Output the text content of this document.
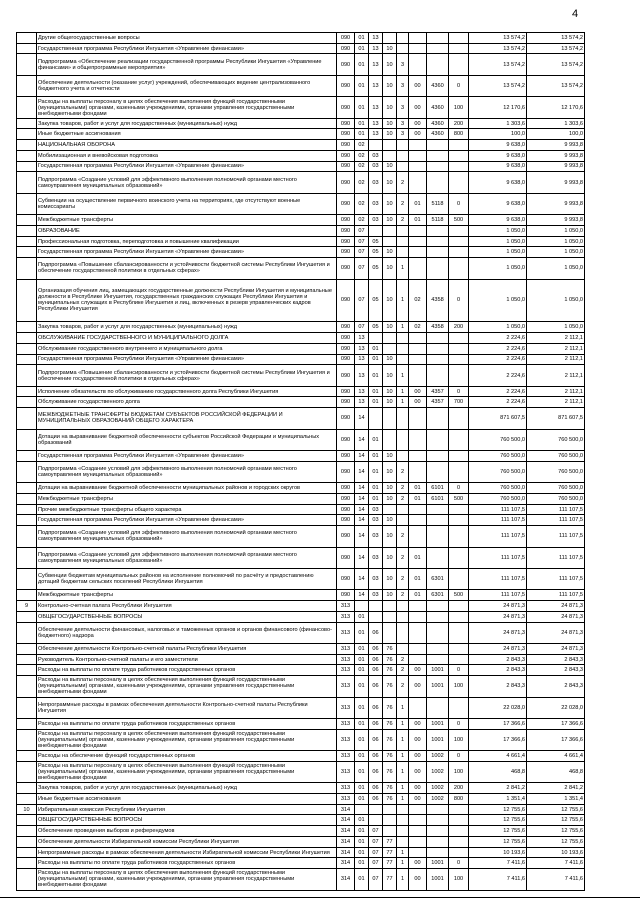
4
	Другие общегосударственные вопросы	090	01	13						13 574,2	13 574,2
	Государственная программа Республики Ингушетия «Управление финансами»	090	01	13	10					13 574,2	13 574,2
	Подпрограмма «Обеспечение реализации государственной программы Республики Ингушетия «Управление финансами» и общепрограммные мероприятия»	090	01	13	10	3				13 574,2	13 574,2
	Обеспечение деятельности (оказание услуг) учреждений, обеспечивающих ведение централизованного бюджетного учета и отчетности	090	01	13	10	3	00	4360	0	13 574,2	13 574,2
	Расходы на выплаты персоналу в целях обеспечения выполнения функций государственными (муниципальными) органами, казенными учреждениями, органами управления государственными внебюджетными фондами	090	01	13	10	3	00	4360	100	12 170,6	12 170,6
	Закупка товаров, работ и услуг для государственных (муниципальных) нужд	090	01	13	10	3	00	4360	200	1 303,6	1 303,6
	Иные бюджетные ассигнования	090	01	13	10	3	00	4360	800	100,0	100,0
	НАЦИОНАЛЬНАЯ ОБОРОНА	090	02							9 638,0	9 993,8
	Мобилизационная и вневойсковая подготовка	090	02	03						9 638,0	9 993,8
	Государственная программа Республики Ингушетия «Управление финансами»	090	02	03	10					9 638,0	9 993,8
	Подпрограмма «Создание условий для эффективного выполнения полномочий органами местного самоуправления муниципальных образований»	090	02	03	10	2				9 638,0	9 993,8
	Субвенции на осуществление первичного воинского учета на территориях, где отсутствуют военные комиссариаты	090	02	03	10	2	01	5118	0	9 638,0	9 993,8
	Межбюджетные трансферты	090	02	03	10	2	01	5118	500	9 638,0	9 993,8
	ОБРАЗОВАНИЕ	090	07							1 050,0	1 050,0
	Профессиональная подготовка, переподготовка и повышение квалификации	090	07	05						1 050,0	1 050,0
	Государственная программа Республики Ингушетия «Управление финансами»	090	07	05	10					1 050,0	1 050,0
	Подпрограмма «Повышение сбалансированности и устойчивости бюджетной системы Республики Ингушетия и обеспечение государственной политики в отдельных сферах»	090	07	05	10	1				1 050,0	1 050,0
	Организация обучения лиц, замещающих государственные должности Республики Ингушетия и муниципальные должности в Республике Ингушетия, государственных гражданских служащих Республики Ингушетия и муниципальных служащих в Республике Ингушетия и лиц, включенных в резерв управленческих кадров Республики Ингушетия	090	07	05	10	1	02	4358	0	1 050,0	1 050,0
	Закупка товаров, работ и услуг для государственных (муниципальных) нужд	090	07	05	10	1	02	4358	200	1 050,0	1 050,0
	ОБСЛУЖИВАНИЕ ГОСУДАРСТВЕННОГО И МУНИЦИПАЛЬНОГО ДОЛГА	090	13							2 224,6	2 112,1
	Обслуживание государственного внутреннего и муниципального долга	090	13	01						2 224,6	2 112,1
	Государственная программа Республики Ингушетия «Управление финансами»	090	13	01	10					2 224,6	2 112,1
	Подпрограмма «Повышение сбалансированности и устойчивости бюджетной системы Республики Ингушетия и обеспечение государственной политики в отдельных сферах»	090	13	01	10	1				2 224,6	2 112,1
	Исполнение обязательств по обслуживанию государственного долга Республики Ингушетия	090	13	01	10	1	00	4357	0	2 224,6	2 112,1
	Обслуживание государственного долга	090	13	01	10	1	00	4357	700	2 224,6	2 112,1
	МЕЖБЮДЖЕТНЫЕ ТРАНСФЕРТЫ БЮДЖЕТАМ СУБЪЕКТОВ РОССИЙСКОЙ ФЕДЕРАЦИИ И МУНИЦИПАЛЬНЫХ ОБРАЗОВАНИЙ ОБЩЕГО ХАРАКТЕРА	090	14							871 607,5	871 607,5
	Дотации на выравнивание бюджетной обеспеченности субъектов Российской Федерации и муниципальных образований	090	14	01						760 500,0	760 500,0
	Государственная программа Республики Ингушетия «Управление финансами»	090	14	01	10					760 500,0	760 500,0
	Подпрограмма «Создание условий для эффективного выполнения полномочий органами местного самоуправления муниципальных образований»	090	14	01	10	2				760 500,0	760 500,0
	Дотации на выравнивание бюджетной обеспеченности муниципальных районов и городских округов	090	14	01	10	2	01	6101	0	760 500,0	760 500,0
	Межбюджетные трансферты	090	14	01	10	2	01	6101	500	760 500,0	760 500,0
	Прочие межбюджетные трансферты общего характера	090	14	03						111 107,5	111 107,5
	Государственная программа Республики Ингушетия «Управление финансами»	090	14	03	10					111 107,5	111 107,5
	Подпрограмма «Создание условий для эффективного выполнения полномочий органами местного самоуправления муниципальных образований»	090	14	03	10	2				111 107,5	111 107,5
	Подпрограмма «Создание условий для эффективного выполнения полномочий органами местного самоуправления муниципальных образований»	090	14	03	10	2	01			111 107,5	111 107,5
	Субвенции бюджетам муниципальных районов на исполнение полномочий по расчёту и предоставлению дотаций бюджетам сельских поселений Республики Ингушетия	090	14	03	10	2	01	6301		111 107,5	111 107,5
	Межбюджетные трансферты	090	14	03	10	2	01	6301	500	111 107,5	111 107,5
9	Контрольно-счетная палата Республики Ингушетия	313								24 871,3	24 871,3
	ОБЩЕГОСУДАРСТВЕННЫЕ ВОПРОСЫ	313	01							24 871,3	24 871,3
	Обеспечение деятельности финансовых, налоговых и таможенных органов и органов финансового (финансово-бюджетного) надзора	313	01	06						24 871,3	24 871,3
	Обеспечение деятельности Контрольно-счетной палаты Республики Ингушетия	313	01	06	76					24 871,3	24 871,3
	Руководитель Контрольно-счетной палаты и его заместители	313	01	06	76	2				2 843,3	2 843,3
	Расходы на выплаты по оплате труда работников государственных органов	313	01	06	76	2	00	1001	0	2 843,3	2 843,3
	Расходы на выплаты персоналу в целях обеспечения выполнения функций государственными (муниципальными) органами, казенными учреждениями, органами управления государственными внебюджетными фондами	313	01	06	76	2	00	1001	100	2 843,3	2 843,3
	Непрограммные расходы в рамках обеспечения деятельности Контрольно-счетной палаты Республики Ингушетия	313	01	06	76	1				22 028,0	22 028,0
	Расходы на выплаты по оплате труда работников государственных органов	313	01	06	76	1	00	1001	0	17 366,6	17 366,6
	Расходы на выплаты персоналу в целях обеспечения выполнения функций государственными (муниципальными) органами, казенными учреждениями, органами управления государственными внебюджетными фондами	313	01	06	76	1	00	1001	100	17 366,6	17 366,6
	Расходы на обеспечение функций государственных органов	313	01	06	76	1	00	1002	0	4 661,4	4 661,4
	Расходы на выплаты персоналу в целях обеспечения выполнения функций государственными (муниципальными) органами, казенными учреждениями, органами управления государственными внебюджетными фондами	313	01	06	76	1	00	1002	100	468,8	468,8
	Закупка товаров, работ и услуг для государственных (муниципальных) нужд	313	01	06	76	1	00	1002	200	2 841,2	2 841,2
	Иные бюджетные ассигнования	313	01	06	76	1	00	1002	800	1 351,4	1 351,4
10	Избирательная комиссия Республики Ингушетия	314								12 755,6	12 755,6
	ОБЩЕГОСУДАРСТВЕННЫЕ ВОПРОСЫ	314	01							12 755,6	12 755,6
	Обеспечение проведения выборов и референдумов	314	01	07						12 755,6	12 755,6
	Обеспечение деятельности Избирательной комиссии Республики Ингушетия	314	01	07	77					12 755,6	12 755,6
	Непрограммные расходы в рамках обеспечения деятельности Избирательной комиссии Республики Ингушетия	314	01	07	77	1				10 193,6	10 193,6
	Расходы на выплаты по оплате труда работников государственных органов	314	01	07	77	1	00	1001	0	7 411,6	7 411,6
	Расходы на выплаты персоналу в целях обеспечения выполнения функций государственными (муниципальными) органами, казенными учреждениями, органами управления государственными внебюджетными фондами	314	01	07	77	1	00	1001	100	7 411,6	7 411,6
